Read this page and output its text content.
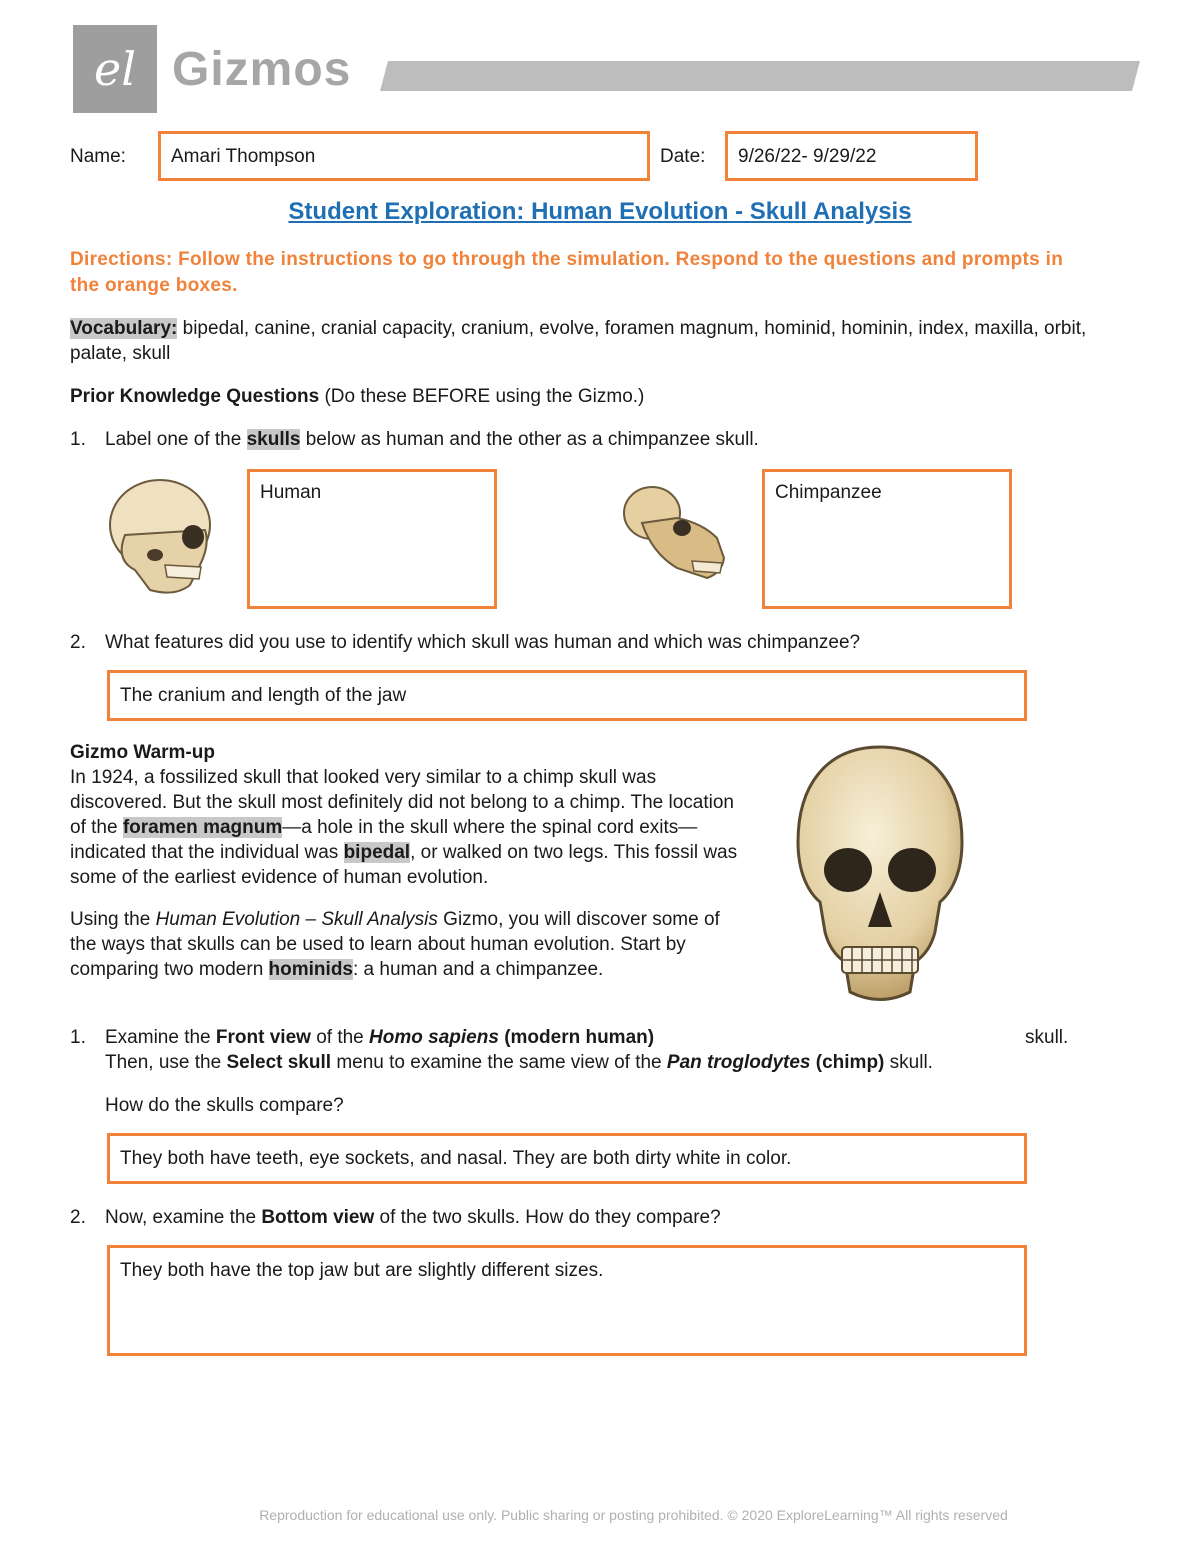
el Gizmos
Name:	Amari Thompson	Date:	9/26/22- 9/29/22
Student Exploration: Human Evolution - Skull Analysis
Directions: Follow the instructions to go through the simulation. Respond to the questions and prompts in the orange boxes.
Vocabulary: bipedal, canine, cranial capacity, cranium, evolve, foramen magnum, hominid, hominin, index, maxilla, orbit, palate, skull
Prior Knowledge Questions (Do these BEFORE using the Gizmo.)
1. Label one of the skulls below as human and the other as a chimpanzee skull.
Human	Chimpanzee
2. What features did you use to identify which skull was human and which was chimpanzee?
The cranium and length of the jaw
Gizmo Warm-up
In 1924, a fossilized skull that looked very similar to a chimp skull was discovered. But the skull most definitely did not belong to a chimp. The location of the foramen magnum—a hole in the skull where the spinal cord exits—indicated that the individual was bipedal, or walked on two legs. This fossil was some of the earliest evidence of human evolution.
Using the Human Evolution – Skull Analysis Gizmo, you will discover some of the ways that skulls can be used to learn about human evolution. Start by comparing two modern hominids: a human and a chimpanzee.
1. Examine the Front view of the Homo sapiens (modern human)	skull.
Then, use the Select skull menu to examine the same view of the Pan troglodytes (chimp) skull.
How do the skulls compare?
They both have teeth, eye sockets, and nasal. They are both dirty white in color.
2. Now, examine the Bottom view of the two skulls. How do they compare?
They both have the top jaw but are slightly different sizes.
Reproduction for educational use only. Public sharing or posting prohibited. © 2020 ExploreLearning™ All rights reserved
